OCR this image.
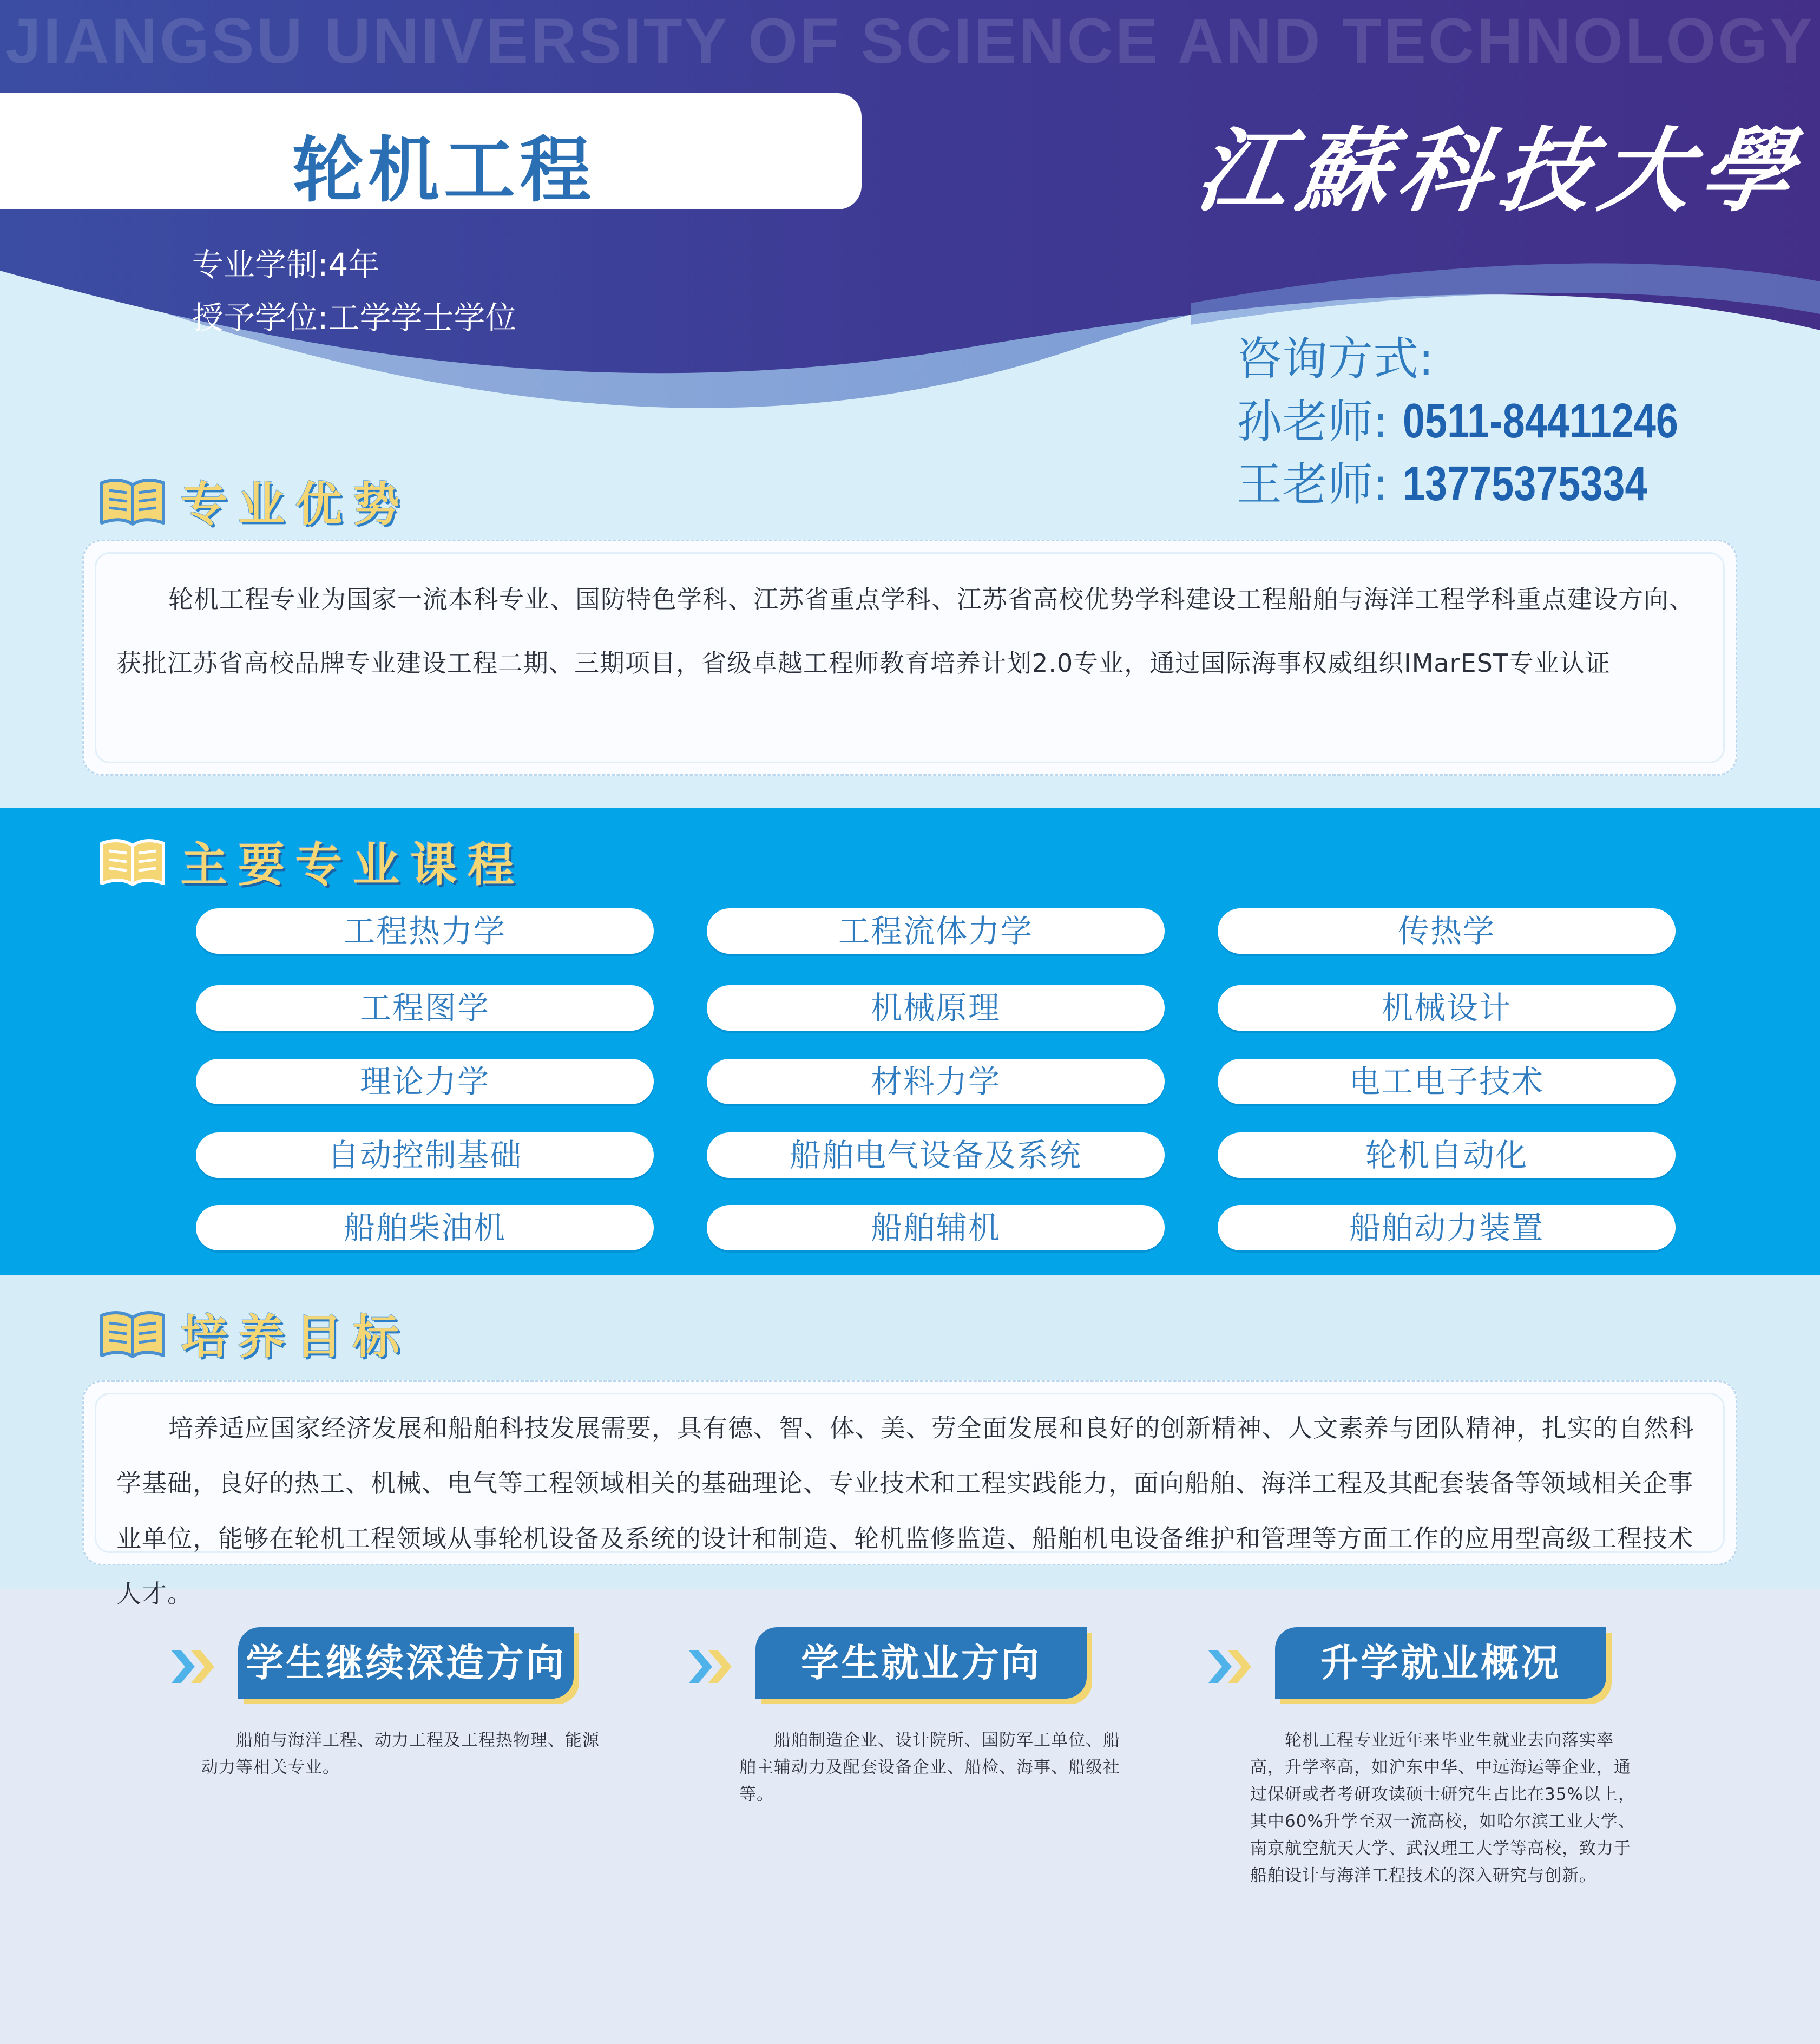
JIANGSU UNIVERSITY OF SCIENCE AND TECHNOLOGY
轮机工程	江蘇科技大學
专业学制:4年
授予学位:工学学士学位
咨询方式:
孙老师: 0511-84411246
王老师: 13775375334
专业优势
轮机工程专业为国家一流本科专业、国防特色学科、江苏省重点学科、江苏省高校优势学科建设工程船舶与海洋工程学科重点建设方向、获批江苏省高校品牌专业建设工程二期、三期项目，省级卓越工程师教育培养计划2.0专业，通过国际海事权威组织IMarEST专业认证
主要专业课程
工程热力学	工程流体力学	传热学
工程图学	机械原理	机械设计
理论力学	材料力学	电工电子技术
自动控制基础	船舶电气设备及系统	轮机自动化
船舶柴油机	船舶辅机	船舶动力装置
培养目标
培养适应国家经济发展和船舶科技发展需要，具有德、智、体、美、劳全面发展和良好的创新精神、人文素养与团队精神，扎实的自然科学基础，良好的热工、机械、电气等工程领域相关的基础理论、专业技术和工程实践能力，面向船舶、海洋工程及其配套装备等领域相关企事业单位，能够在轮机工程领域从事轮机设备及系统的设计和制造、轮机监修监造、船舶机电设备维护和管理等方面工作的应用型高级工程技术人才。
学生继续深造方向
船舶与海洋工程、动力工程及工程热物理、能源动力等相关专业。
学生就业方向
船舶制造企业、设计院所、国防军工单位、船舶主辅动力及配套设备企业、船检、海事、船级社等。
升学就业概况
轮机工程专业近年来毕业生就业去向落实率高，升学率高，如沪东中华、中远海运等企业，通过保研或者考研攻读硕士研究生占比在35%以上，其中60%升学至双一流高校，如哈尔滨工业大学、南京航空航天大学、武汉理工大学等高校，致力于船舶设计与海洋工程技术的深入研究与创新。
